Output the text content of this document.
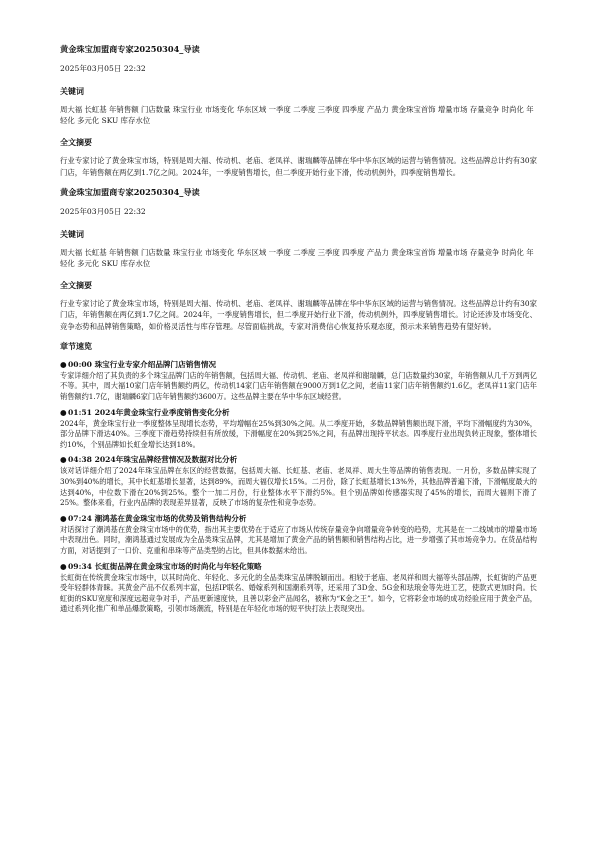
黄金珠宝加盟商专家20250304_导读
2025年03月05日 22:32
关键词
周大福 长虹基 年销售额 门店数量 珠宝行业 市场变化 华东区域 一季度 二季度 三季度 四季度 产品力 黄金珠宝首饰 增量市场 存量竞争 时尚化 年轻化 多元化 SKU 库存水位
全文摘要
行业专家讨论了黄金珠宝市场，特别是周大福、传动机、老庙、老凤祥、谢瑞麟等品牌在华中华东区域的运营与销售情况。这些品牌总计约有30家门店，年销售额在两亿到1.7亿之间。2024年，一季度销售增长，但二季度开始行业下滑，传动机例外，四季度销售增长。
黄金珠宝加盟商专家20250304_导读
2025年03月05日 22:32
关键词
周大福 长虹基 年销售额 门店数量 珠宝行业 市场变化 华东区域 一季度 二季度 三季度 四季度 产品力 黄金珠宝首饰 增量市场 存量竞争 时尚化 年轻化 多元化 SKU 库存水位
全文摘要
行业专家讨论了黄金珠宝市场，特别是周大福、传动机、老庙、老凤祥、谢瑞麟等品牌在华中华东区域的运营与销售情况。这些品牌总计约有30家门店，年销售额在两亿到1.7亿之间。2024年，一季度销售增长，但二季度开始行业下滑，传动机例外，四季度销售增长。讨论还涉及市场变化、竞争态势和品牌销售策略，如价格灵活性与库存管理。尽管面临挑战，专家对消费信心恢复持乐观态度，预示未来销售趋势有望好转。
章节速览
●00:00 珠宝行业专家介绍品牌门店销售情况
专家详细介绍了其负责的多个珠宝品牌门店的年销售额，包括周大福、传动机、老庙、老凤祥和谢瑞麟，总门店数量约30家，年销售额从几千万到两亿不等。其中，周大福10家门店年销售额约两亿，传动机14家门店年销售额在9000万到1亿之间，老庙11家门店年销售额约1.6亿，老凤祥11家门店年销售额约1.7亿，谢瑞麟6家门店年销售额约3600万。这些品牌主要在华中华东区域经营。
●01:51 2024年黄金珠宝行业季度销售变化分析
2024年，黄金珠宝行业一季度整体呈现增长态势，平均增幅在25%到30%之间。从二季度开始，多数品牌销售额出现下滑，平均下滑幅度约为30%，部分品牌下滑达40%。三季度下滑趋势持续但有所放缓，下滑幅度在20%到25%之间，有品牌出现持平状态。四季度行业出现负转正现象，整体增长约10%，个别品牌如长虹金增长达到18%。
●04:38 2024年珠宝品牌经营情况及数据对比分析
该对话详细介绍了2024年珠宝品牌在东区的经营数据，包括周大福、长虹基、老庙、老凤祥、周大生等品牌的销售表现。一月份，多数品牌实现了30%到40%的增长，其中长虹基增长显著，达到89%，而周大福仅增长15%。二月份，除了长虹基增长13%外，其他品牌普遍下滑，下滑幅度最大的达到40%，中位数下滑在20%到25%。整个一加二月份，行业整体水平下滑约5%。但个别品牌如传感器实现了45%的增长，而周大福则下滑了25%。整体来看，行业内品牌的表现差异显著，反映了市场的复杂性和竞争态势。
●07:24 潮鸿基在黄金珠宝市场的优势及销售结构分析
对话探讨了潮鸿基在黄金珠宝市场中的优势，指出其主要优势在于适应了市场从传统存量竞争向增量竞争转变的趋势，尤其是在一二线城市的增量市场中表现出色。同时，潮鸿基通过发展成为全品类珠宝品牌，尤其是增加了黄金产品的销售额和销售结构占比，进一步增强了其市场竞争力。在货品结构方面，对话提到了一口价、克重和串珠等产品类型的占比，但具体数据未给出。
●09:34 长虹街品牌在黄金珠宝市场的时尚化与年轻化策略
长虹街在传统黄金珠宝市场中，以其时尚化、年轻化、多元化的全品类珠宝品牌脱颖而出。相较于老庙、老凤祥和周大福等头部品牌，长虹街的产品更受年轻群体青睐。其黄金产品不仅系列丰富，包括IP联名、婚嫁系列和国潮系列等，还采用了3D金、5G金和珐琅金等先进工艺，使款式更加时尚。长虹街的SKU宽度和深度远超竞争对手，产品更新速度快，且善以彩金产品闻名，被称为“K金之王”。如今，它将彩金市场的成功经验应用于黄金产品，通过系列化推广和单品爆款策略，引领市场潮流，特别是在年轻化市场的短平快打法上表现突出。
